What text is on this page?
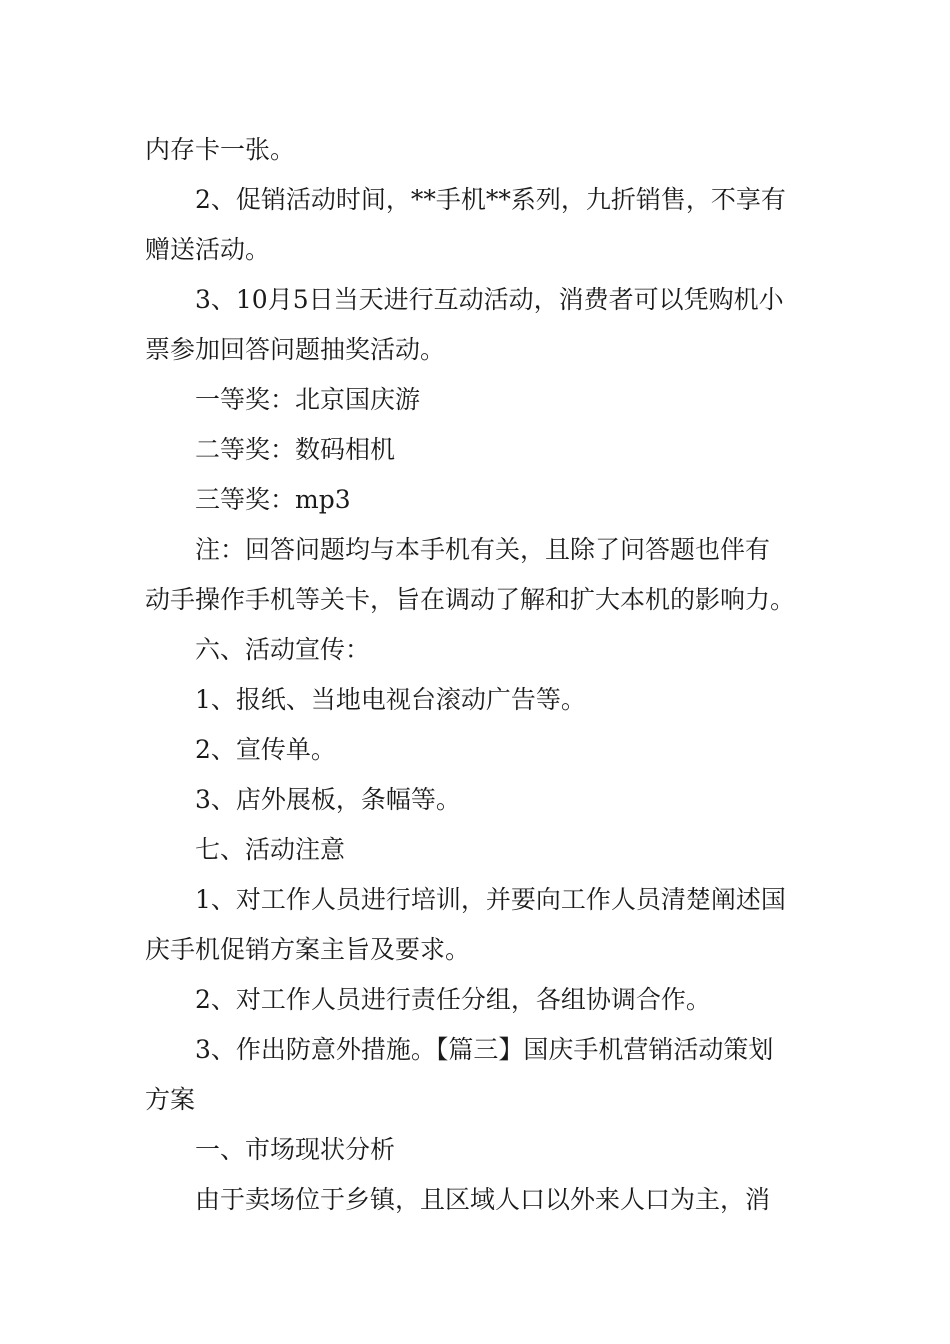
内存卡一张。
2、促销活动时间，**手机**系列，九折销售，不享有
赠送活动。
3、10月5日当天进行互动活动，消费者可以凭购机小
票参加回答问题抽奖活动。
一等奖：北京国庆游
二等奖：数码相机
三等奖：mp3
注：回答问题均与本手机有关，且除了问答题也伴有
动手操作手机等关卡，旨在调动了解和扩大本机的影响力。
六、活动宣传：
1、报纸、当地电视台滚动广告等。
2、宣传单。
3、店外展板，条幅等。
七、活动注意
1、对工作人员进行培训，并要向工作人员清楚阐述国
庆手机促销方案主旨及要求。
2、对工作人员进行责任分组，各组协调合作。
3、作出防意外措施。【篇三】国庆手机营销活动策划
方案
一、市场现状分析
由于卖场位于乡镇，且区域人口以外来人口为主，消
